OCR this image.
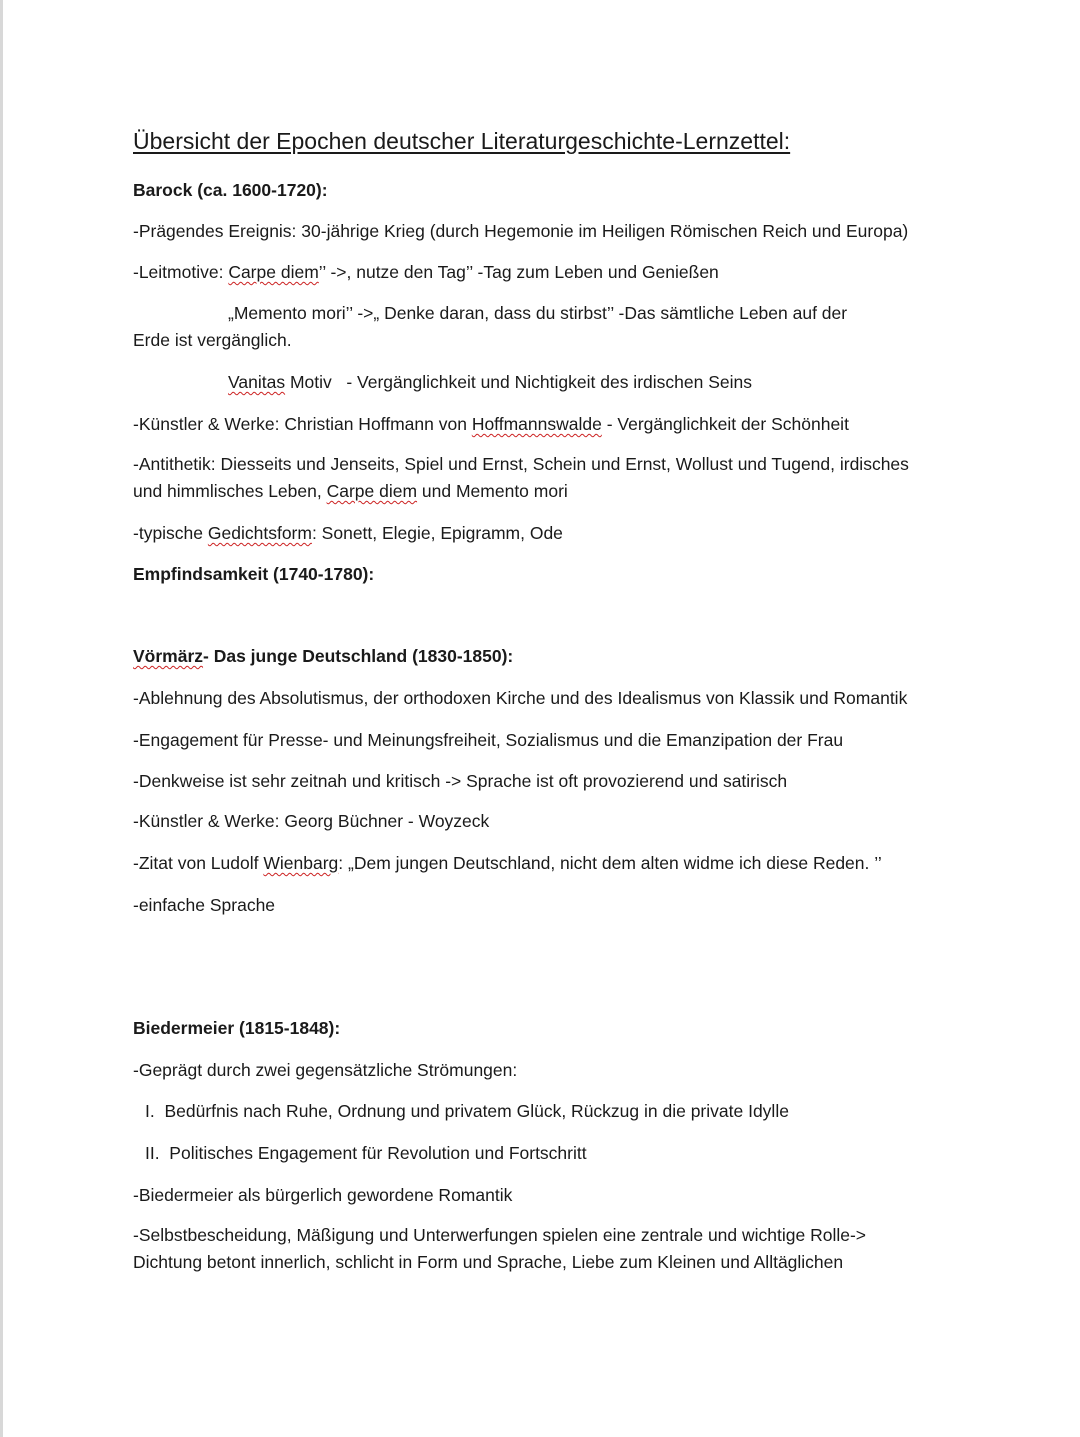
Übersicht der Epochen deutscher Literaturgeschichte-Lernzettel:
Barock (ca. 1600-1720):
-Prägendes Ereignis: 30-jährige Krieg (durch Hegemonie im Heiligen Römischen Reich und Europa)
-Leitmotive: Carpe diem’’ ->, nutze den Tag’’ -Tag zum Leben und Genießen
„Memento mori’’ ->„ Denke daran, dass du stirbst’’ -Das sämtliche Leben auf der
Erde ist vergänglich.
Vanitas Motiv   - Vergänglichkeit und Nichtigkeit des irdischen Seins
-Künstler & Werke: Christian Hoffmann von Hoffmannswalde - Vergänglichkeit der Schönheit
-Antithetik: Diesseits und Jenseits, Spiel und Ernst, Schein und Ernst, Wollust und Tugend, irdisches
und himmlisches Leben, Carpe diem und Memento mori
-typische Gedichtsform: Sonett, Elegie, Epigramm, Ode
Empfindsamkeit (1740-1780):
Vörmärz- Das junge Deutschland (1830-1850):
-Ablehnung des Absolutismus, der orthodoxen Kirche und des Idealismus von Klassik und Romantik
-Engagement für Presse- und Meinungsfreiheit, Sozialismus und die Emanzipation der Frau
-Denkweise ist sehr zeitnah und kritisch -> Sprache ist oft provozierend und satirisch
-Künstler & Werke: Georg Büchner - Woyzeck
-Zitat von Ludolf Wienbarg: „Dem jungen Deutschland, nicht dem alten widme ich diese Reden. ’’
-einfache Sprache
Biedermeier (1815-1848):
-Geprägt durch zwei gegensätzliche Strömungen:
I.  Bedürfnis nach Ruhe, Ordnung und privatem Glück, Rückzug in die private Idylle
II.  Politisches Engagement für Revolution und Fortschritt
-Biedermeier als bürgerlich gewordene Romantik
-Selbstbescheidung, Mäßigung und Unterwerfungen spielen eine zentrale und wichtige Rolle->
Dichtung betont innerlich, schlicht in Form und Sprache, Liebe zum Kleinen und Alltäglichen
